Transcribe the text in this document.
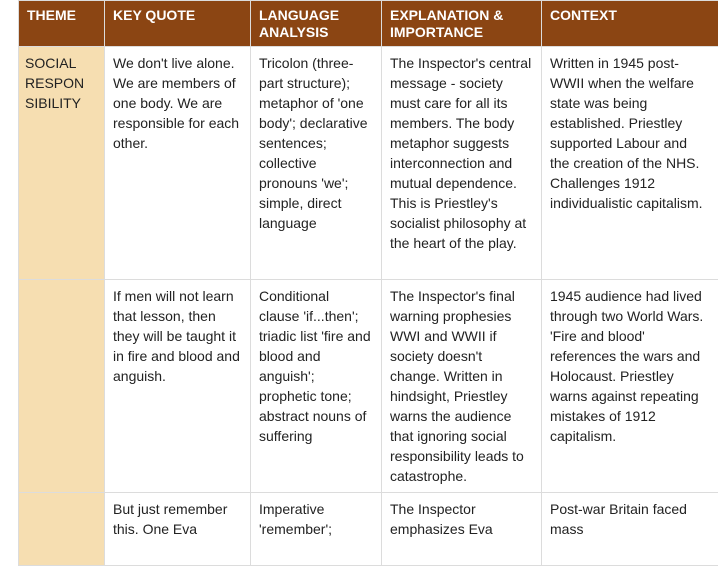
THEME	KEY QUOTE	LANGUAGE ANALYSIS	EXPLANATION & IMPORTANCE	CONTEXT
SOCIAL RESPON SIBILITY	We don't live alone. We are members of one body. We are responsible for each other.	Tricolon (three-part structure); metaphor of 'one body'; declarative sentences; collective pronouns 'we'; simple, direct language	The Inspector's central message - society must care for all its members. The body metaphor suggests interconnection and mutual dependence. This is Priestley's socialist philosophy at the heart of the play.	Written in 1945 post-WWII when the welfare state was being established. Priestley supported Labour and the creation of the NHS. Challenges 1912 individualistic capitalism.
	If men will not learn that lesson, then they will be taught it in fire and blood and anguish.	Conditional clause 'if...then'; triadic list 'fire and blood and anguish'; prophetic tone; abstract nouns of suffering	The Inspector's final warning prophesies WWI and WWII if society doesn't change. Written in hindsight, Priestley warns the audience that ignoring social responsibility leads to catastrophe.	1945 audience had lived through two World Wars. 'Fire and blood' references the wars and Holocaust. Priestley warns against repeating mistakes of 1912 capitalism.
	But just remember this. One Eva	Imperative 'remember';	The Inspector emphasizes Eva	Post-war Britain faced mass
